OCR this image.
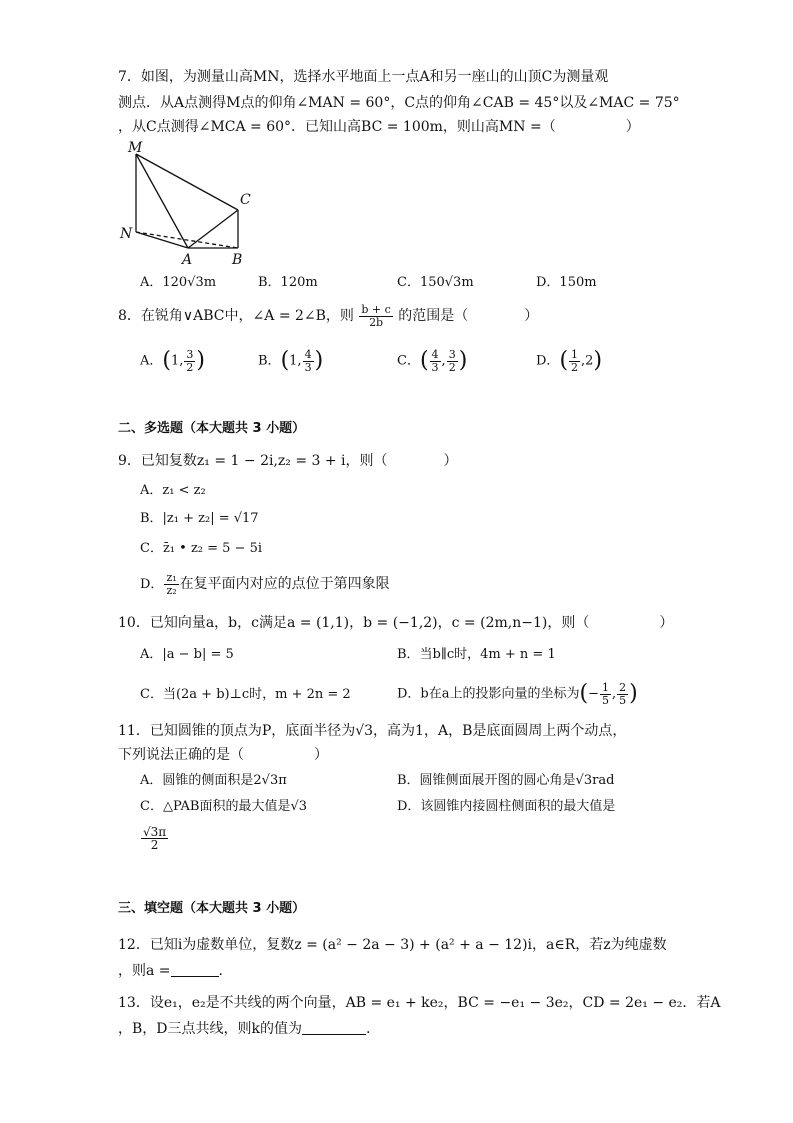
7．如图，为测量山高MN，选择水平地面上一点A和另一座山的山顶C为测量观
测点．从A点测得M点的仰角∠MAN = 60°，C点的仰角∠CAB = 45°以及∠MAC = 75°
，从C点测得∠MCA = 60°．已知山高BC = 100m，则山高MN =（　　　　　）
M
N
A	B
C
A．120√3m	B．120m	C．150√3m	D．150m
8．在锐角∨ABC中，∠A = 2∠B，则 $\frac{b + c}{2b}$ 的范围是（　　　　）
A．(1, $\frac{3}{2}$ )	B．(1, $\frac{4}{3}$ )	C．( $\frac{4}{3}$ , $\frac{3}{2}$ )	D．( $\frac{1}{2} ,2$)
二、多选题（本大题共 3 小题）
9．已知复数z₁ = 1 − 2i,z₂ = 3 + i，则（　　　　）
A．z₁ < z₂
B．|z₁ + z₂| = √17
C．z̄₁ • z₂ = 5 − 5i
D． $\frac{\text{z₁}}{\text{z₂}}$ 在复平面内对应的点位于第四象限
10．已知向量a，b，c满足a = (1,1)，b = (−1,2)，c = (2m,n−1)，则（　　　　　）
A．|a − b| = 5	B．当b∥c时，4m + n = 1
C．当(2a + b)⊥c时，m + 2n = 2	D．b在a上的投影向量的坐标为(− $\frac{1}{5}$ , $\frac{2}{5}$ )
11．已知圆锥的顶点为P，底面半径为√3，高为1，A，B是底面圆周上两个动点，
下列说法正确的是（　　　　　）
A．圆锥的侧面积是2√3π	B．圆锥侧面展开图的圆心角是√3rad
C．△PAB面积的最大值是√3	D．该圆锥内接圆柱侧面积的最大值是
$\frac{√3\pi}{2}$
三、填空题（本大题共 3 小题）
12．已知i为虚数单位，复数z = (a² − 2a − 3) + (a² + a − 12)i，a∈R，若z为纯虚数
，则a =	.
13．设e₁，e₂是不共线的两个向量，AB = e₁ + ke₂，BC = −e₁ − 3e₂，CD = 2e₁ − e₂．若A
，B，D三点共线，则k的值为	.
